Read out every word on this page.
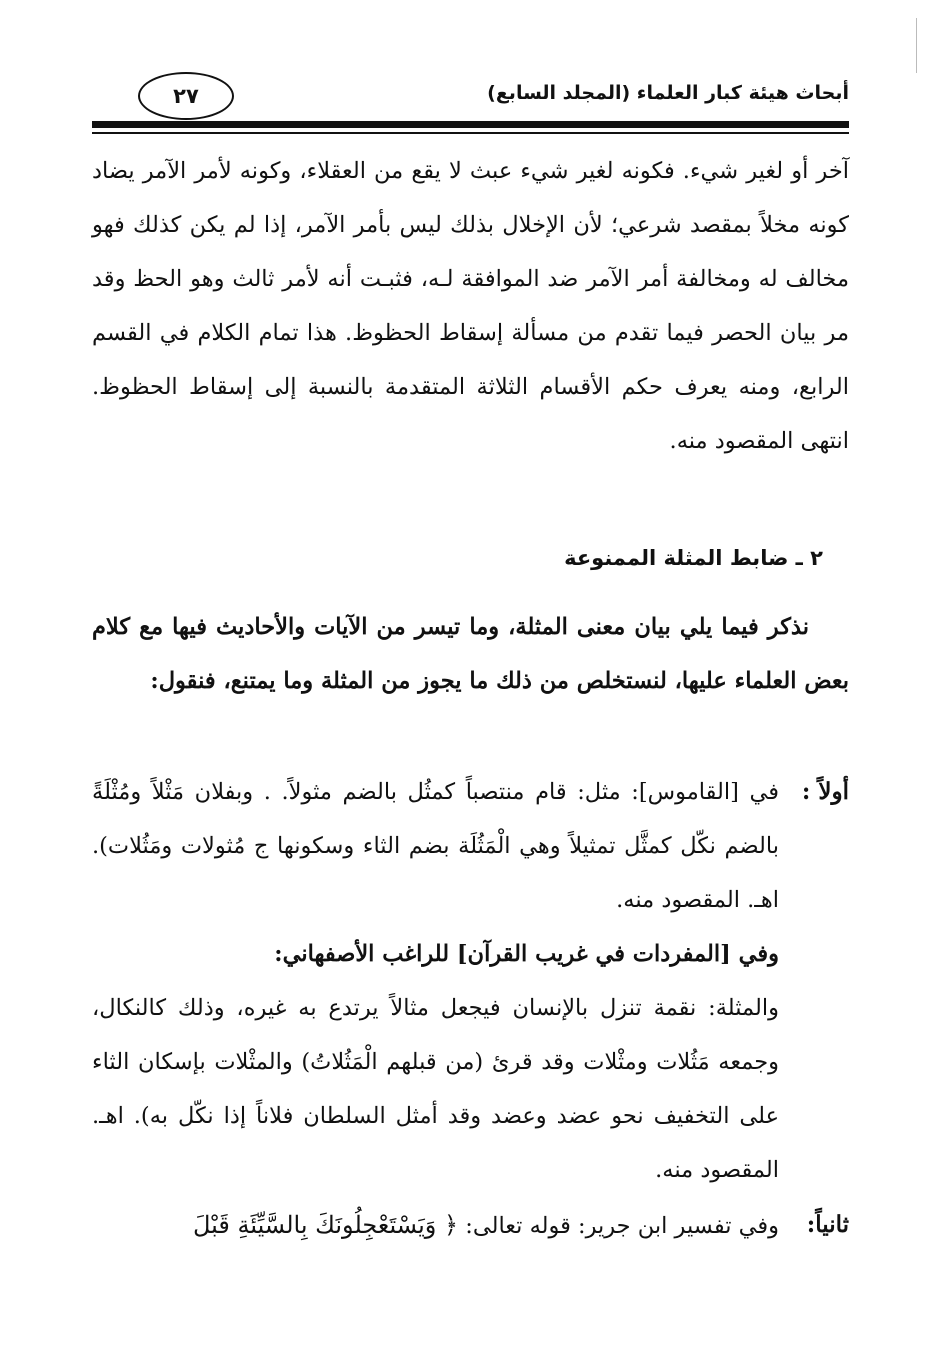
أبحاث هيئة كبار العلماء (المجلد السابع)
٢٧
آخر أو لغير شيء. فكونه لغير شيء عبث لا يقع من العقلاء، وكونه لأمر الآمر يضاد كونه مخلاً بمقصد شرعي؛ لأن الإخلال بذلك ليس بأمر الآمر، إذا لم يكن كذلك فهو مخالف له ومخالفة أمر الآمر ضد الموافقة لـه، فثبـت أنه لأمر ثالث وهو الحظ وقد مر بيان الحصر فيما تقدم من مسألة إسقاط الحظوظ. هذا تمام الكلام في القسم الرابع، ومنه يعرف حكم الأقسام الثلاثة المتقدمة بالنسبة إلى إسقاط الحظوظ. انتهى المقصود منه.
٢ ـ ضابط المثلة الممنوعة
نذكر فيما يلي بيان معنى المثلة، وما تيسر من الآيات والأحاديث فيها مع كلام بعض العلماء عليها، لنستخلص من ذلك ما يجوز من المثلة وما يمتنع، فنقول:
أولاً :
في [القاموس]: مثل: قام منتصباً كمثُل بالضم مثولاً. . وبفلان مَثْلاً ومُثْلَةً بالضم نكّل كمثَّل تمثيلاً وهي الْمَثُلَة بضم الثاء وسكونها ج مُثولات ومَثُلات). اهـ. المقصود منه.
وفي [المفردات في غريب القرآن] للراغب الأصفهاني:
والمثلة: نقمة تنزل بالإنسان فيجعل مثالاً يرتدع به غيره، وذلك كالنكال، وجمعه مَثُلات ومثْلات وقد قرئ (من قبلهم الْمَثُلاتُ) والمثْلات بإسكان الثاء على التخفيف نحو عضد وعضد وقد أمثل السلطان فلاناً إذا نكّل به). اهـ. المقصود منه.
ثانياً:
وفي تفسير ابن جرير: قوله تعالى: ﴿ وَيَسْتَعْجِلُونَكَ بِالسَّيِّئَةِ قَبْلَ
